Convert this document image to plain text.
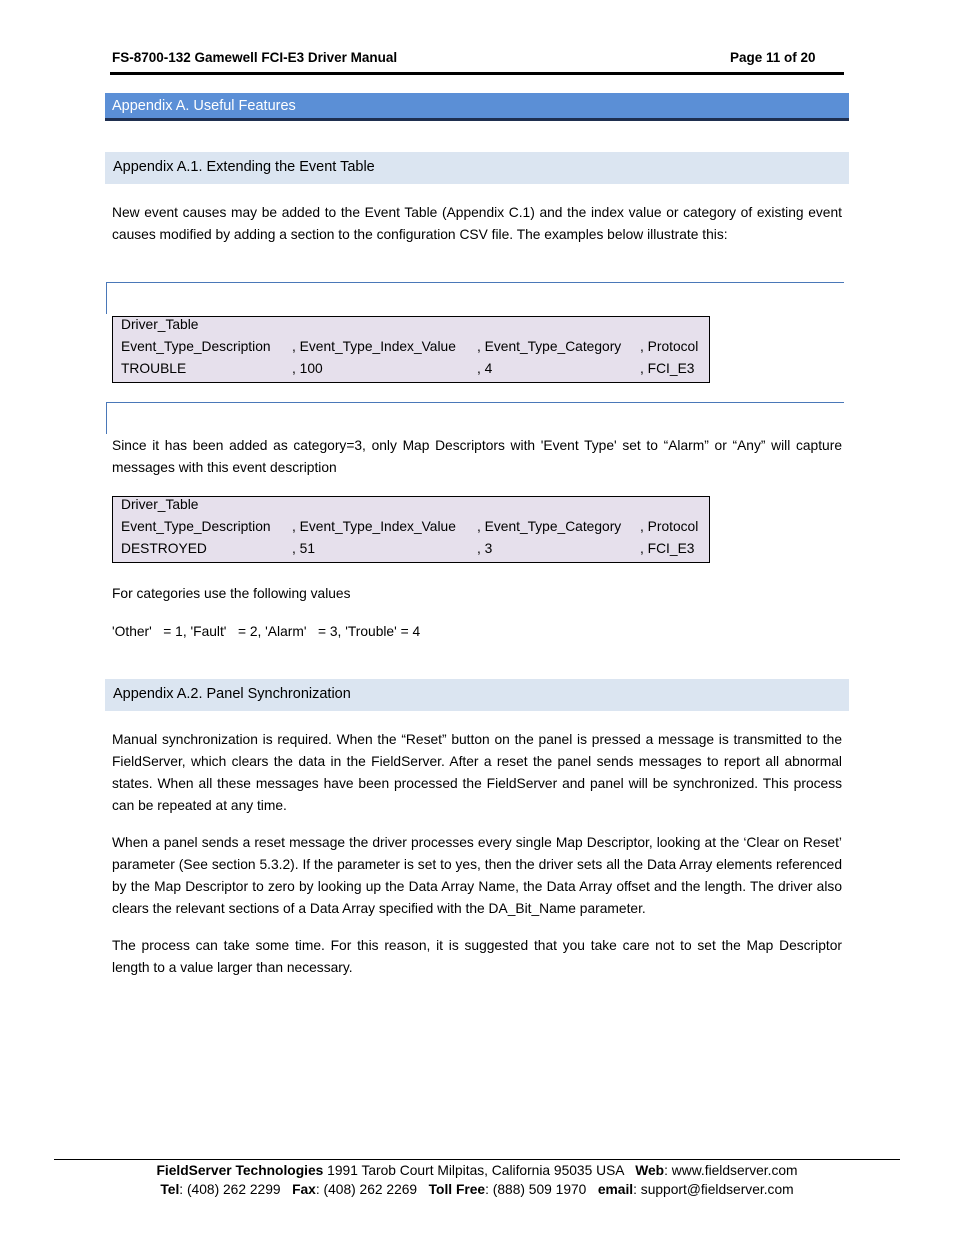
FS-8700-132 Gamewell FCI-E3 Driver Manual	Page 11 of 20
Appendix A. Useful Features
Appendix A.1. Extending the Event Table
New event causes may be added to the Event Table (Appendix C.1) and the index value or category of existing event causes modified by adding a section to the configuration CSV file. The examples below illustrate this:
Driver_Table
Event_Type_Description , Event_Type_Index_Value , Event_Type_Category , Protocol
TROUBLE	, 100	, 4	, FCI_E3
Since it has been added as category=3, only Map Descriptors with 'Event Type' set to “Alarm” or “Any” will capture messages with this event description
Driver_Table
Event_Type_Description , Event_Type_Index_Value , Event_Type_Category , Protocol
DESTROYED	, 51	, 3	, FCI_E3
For categories use the following values
'Other'   = 1, 'Fault'   = 2, 'Alarm'   = 3, 'Trouble' = 4
Appendix A.2. Panel Synchronization
Manual synchronization is required. When the “Reset” button on the panel is pressed a message is transmitted to the FieldServer, which clears the data in the FieldServer. After a reset the panel sends messages to report all abnormal states. When all these messages have been processed the FieldServer and panel will be synchronized. This process can be repeated at any time.
When a panel sends a reset message the driver processes every single Map Descriptor, looking at the ‘Clear on Reset’ parameter (See section 5.3.2). If the parameter is set to yes, then the driver sets all the Data Array elements referenced by the Map Descriptor to zero by looking up the Data Array Name, the Data Array offset and the length. The driver also clears the relevant sections of a Data Array specified with the DA_Bit_Name parameter.
The process can take some time. For this reason, it is suggested that you take care not to set the Map Descriptor length to a value larger than necessary.
FieldServer Technologies 1991 Tarob Court Milpitas, California 95035 USA   Web: www.fieldserver.com
Tel: (408) 262 2299   Fax: (408) 262 2269   Toll Free: (888) 509 1970   email: support@fieldserver.com
